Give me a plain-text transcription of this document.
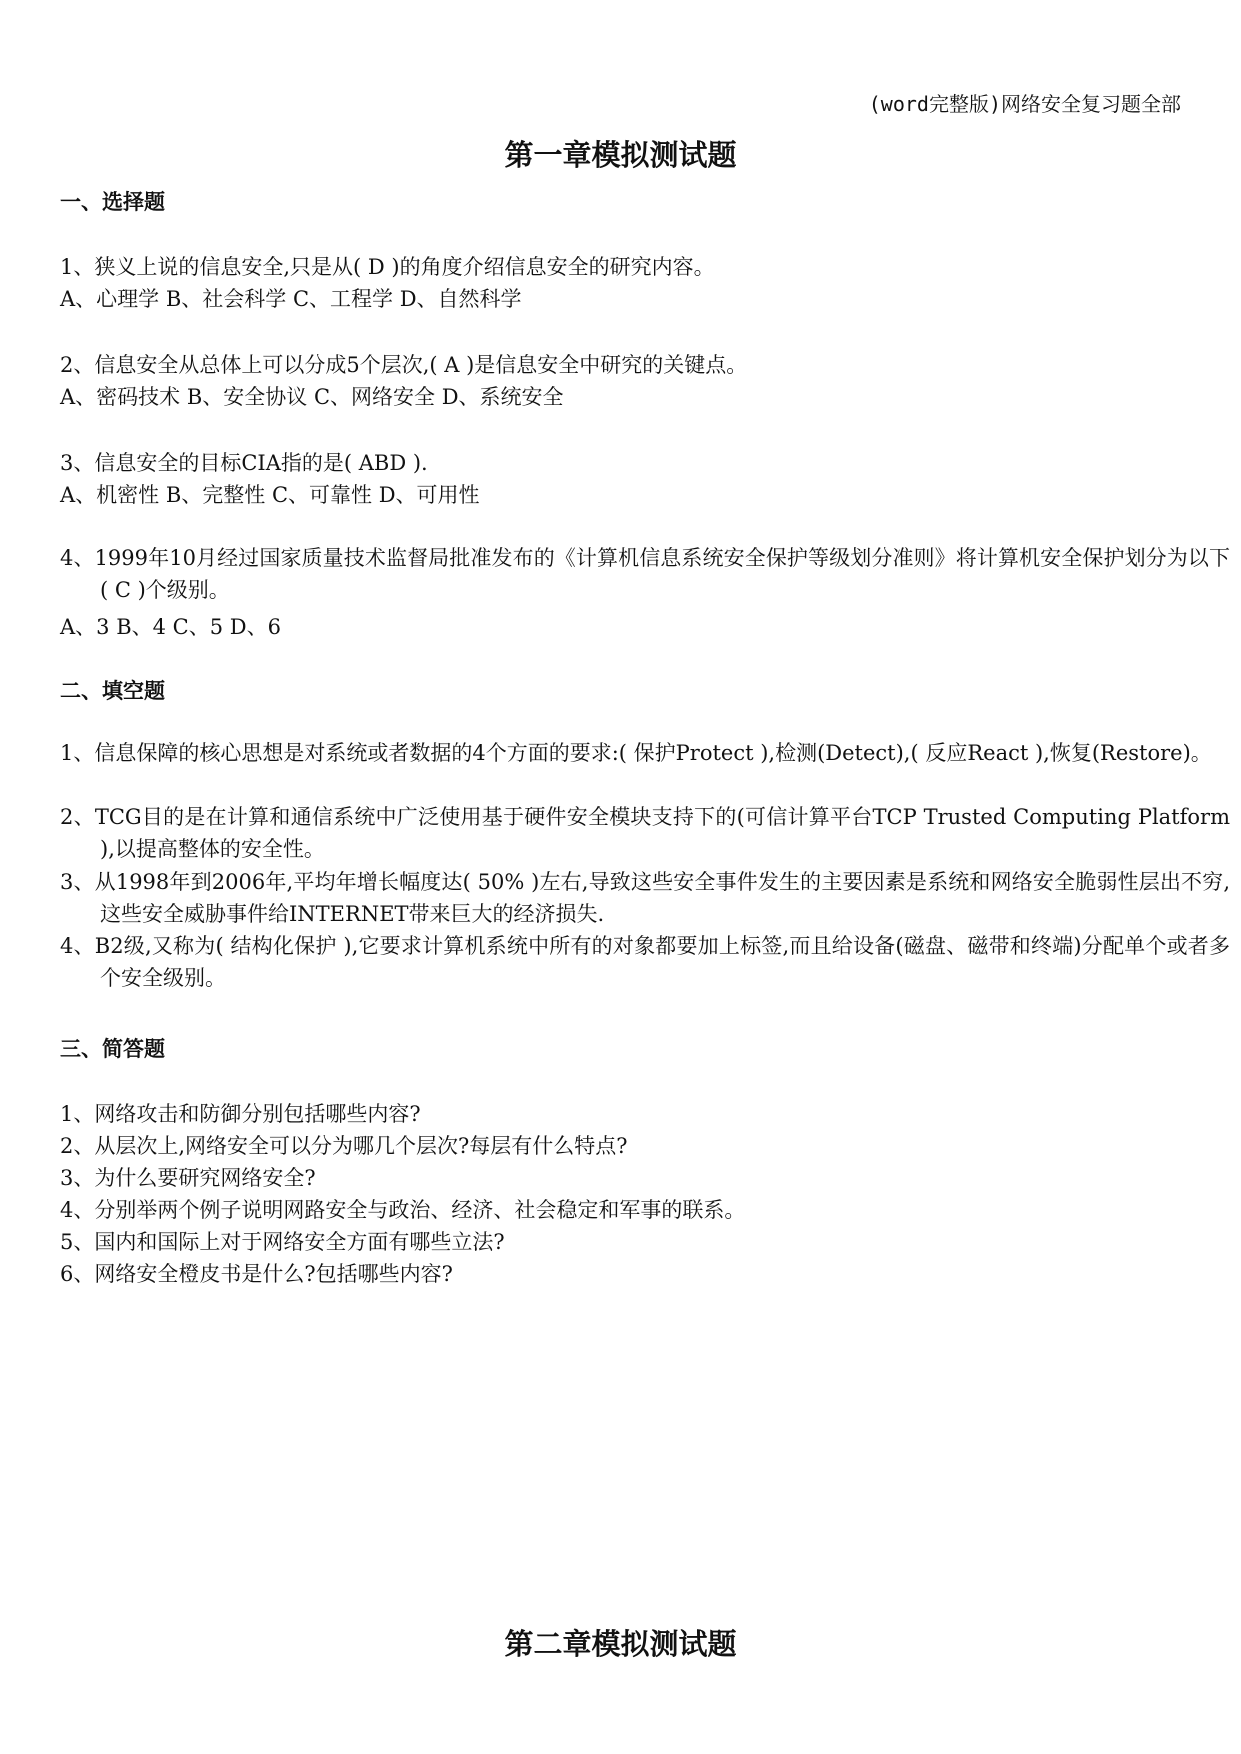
(word完整版)网络安全复习题全部
第一章模拟测试题
一、选择题
1、狭义上说的信息安全,只是从( D )的角度介绍信息安全的研究内容。
A、心理学 B、社会科学 C、工程学 D、自然科学
2、信息安全从总体上可以分成5个层次,( A )是信息安全中研究的关键点。
A、密码技术 B、安全协议 C、网络安全 D、系统安全
3、信息安全的目标CIA指的是( ABD ).
A、机密性 B、完整性 C、可靠性 D、可用性
4、1999年10月经过国家质量技术监督局批准发布的《计算机信息系统安全保护等级划分准则》将计算机安全保护划分为以下( C )个级别。
A、3 B、4 C、5 D、6
二、填空题
1、信息保障的核心思想是对系统或者数据的4个方面的要求:( 保护Protect ),检测(Detect),( 反应React ),恢复(Restore)。
2、TCG目的是在计算和通信系统中广泛使用基于硬件安全模块支持下的(可信计算平台TCP Trusted Computing Platform ),以提高整体的安全性。
3、从1998年到2006年,平均年增长幅度达( 50% )左右,导致这些安全事件发生的主要因素是系统和网络安全脆弱性层出不穷,这些安全威胁事件给INTERNET带来巨大的经济损失.
4、B2级,又称为( 结构化保护 ),它要求计算机系统中所有的对象都要加上标签,而且给设备(磁盘、磁带和终端)分配单个或者多个安全级别。
三、简答题
1、网络攻击和防御分别包括哪些内容?
2、从层次上,网络安全可以分为哪几个层次?每层有什么特点?
3、为什么要研究网络安全?
4、分别举两个例子说明网路安全与政治、经济、社会稳定和军事的联系。
5、国内和国际上对于网络安全方面有哪些立法?
6、网络安全橙皮书是什么?包括哪些内容?
第二章模拟测试题
